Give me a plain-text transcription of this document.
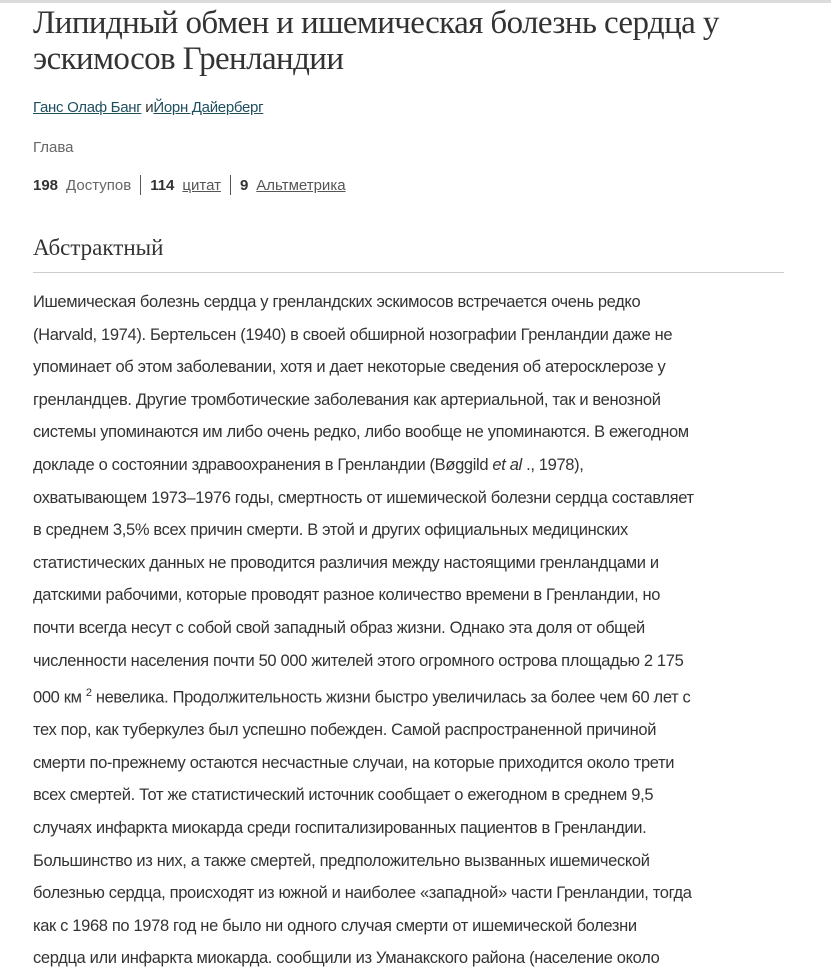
Липидный обмен и ишемическая болезнь сердца у эскимосов Гренландии
Ганс Олаф Банг иЙорн Дайерберг
Глава
198 Доступов 114 цитат 9 Альтметрика
Абстрактный
Ишемическая болезнь сердца у гренландских эскимосов встречается очень редко
(Harvald, 1974). Бертельсен (1940) в своей обширной нозографии Гренландии даже не
упоминает об этом заболевании, хотя и дает некоторые сведения об атеросклерозе у
гренландцев. Другие тромботические заболевания как артериальной, так и венозной
системы упоминаются им либо очень редко, либо вообще не упоминаются. В ежегодном
докладе о состоянии здравоохранения в Гренландии (Bøggild et al ., 1978),
охватывающем 1973–1976 годы, смертность от ишемической болезни сердца составляет
в среднем 3,5% всех причин смерти. В этой и других официальных медицинских
статистических данных не проводится различия между настоящими гренландцами и
датскими рабочими, которые проводят разное количество времени в Гренландии, но
почти всегда несут с собой свой западный образ жизни. Однако эта доля от общей
численности населения почти 50 000 жителей этого огромного острова площадью 2 175
000 км $^2$ невелика. Продолжительность жизни быстро увеличилась за более чем 60 лет с
тех пор, как туберкулез был успешно побежден. Самой распространенной причиной
смерти по-прежнему остаются несчастные случаи, на которые приходится около трети
всех смертей. Тот же статистический источник сообщает о ежегодном в среднем 9,5
случаях инфаркта миокарда среди госпитализированных пациентов в Гренландии.
Большинство из них, а также смертей, предположительно вызванных ишемической
болезнью сердца, происходят из южной и наиболее «западной» части Гренландии, тогда
как с 1968 по 1978 год не было ни одного случая смерти от ишемической болезни
сердца или инфаркта миокарда. сообщили из Уманакского района (население около
